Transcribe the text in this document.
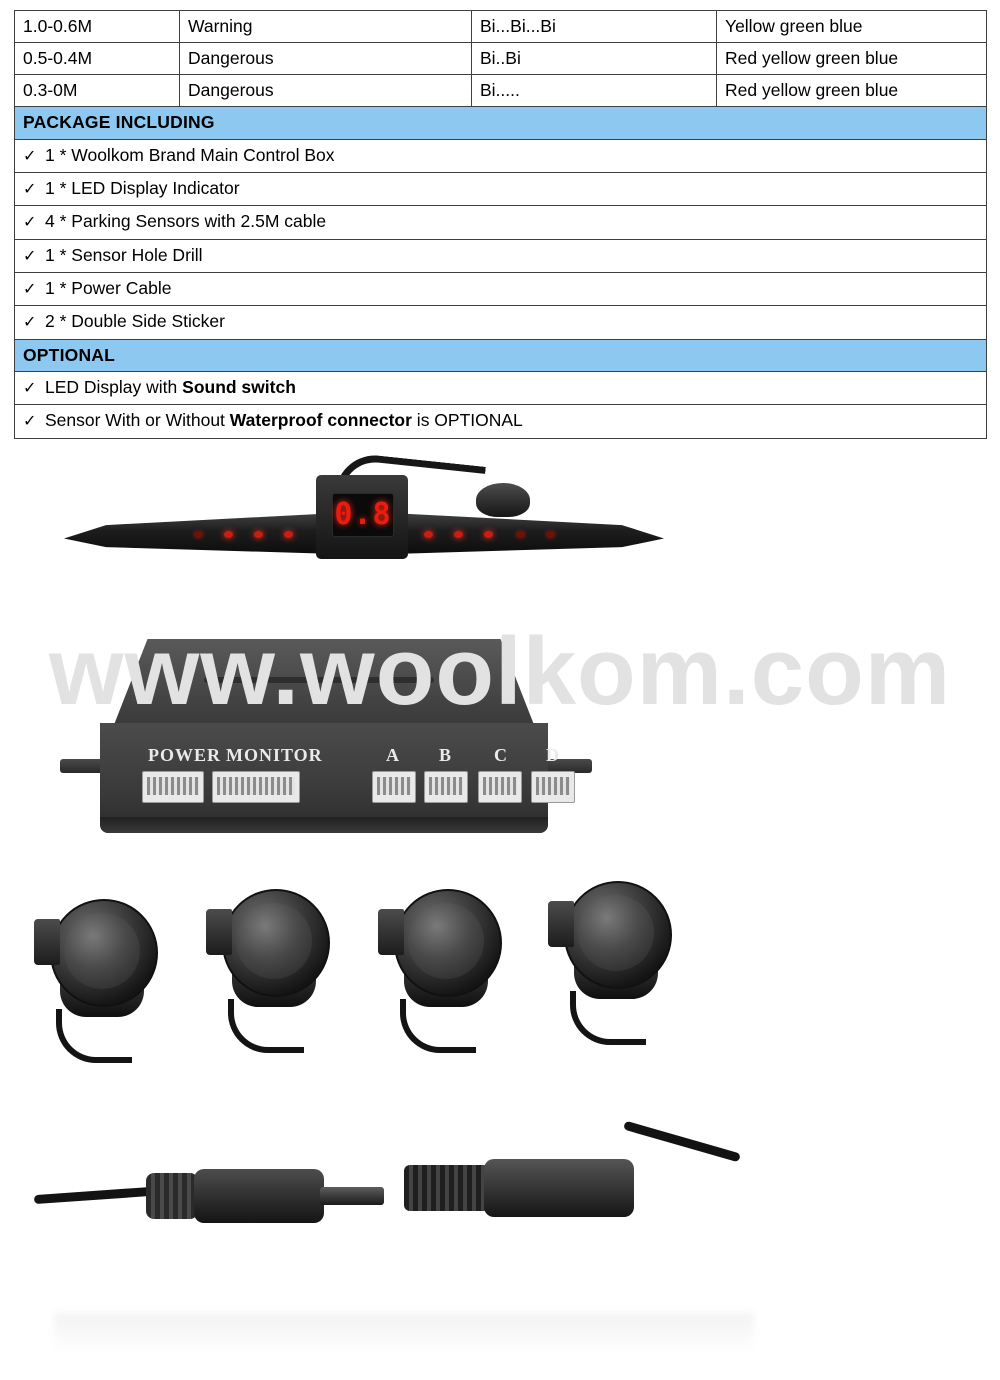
1.0-0.6M	Warning	Bi...Bi...Bi	Yellow green blue
0.5-0.4M	Dangerous	Bi..Bi	Red yellow green blue
0.3-0M	Dangerous	Bi.....	Red yellow green blue
PACKAGE INCLUDING			
✓ 1 * Woolkom Brand Main Control Box			
✓ 1 * LED Display Indicator			
✓ 4 * Parking Sensors with 2.5M cable			
✓ 1 * Sensor Hole Drill			
✓ 1 * Power Cable			
✓ 2 * Double Side Sticker			
OPTIONAL			
✓ LED Display with Sound switch			
✓ Sensor With or Without Waterproof connector is OPTIONAL			
www.woolkom.com
0.8
POWER MONITOR	A B C D
